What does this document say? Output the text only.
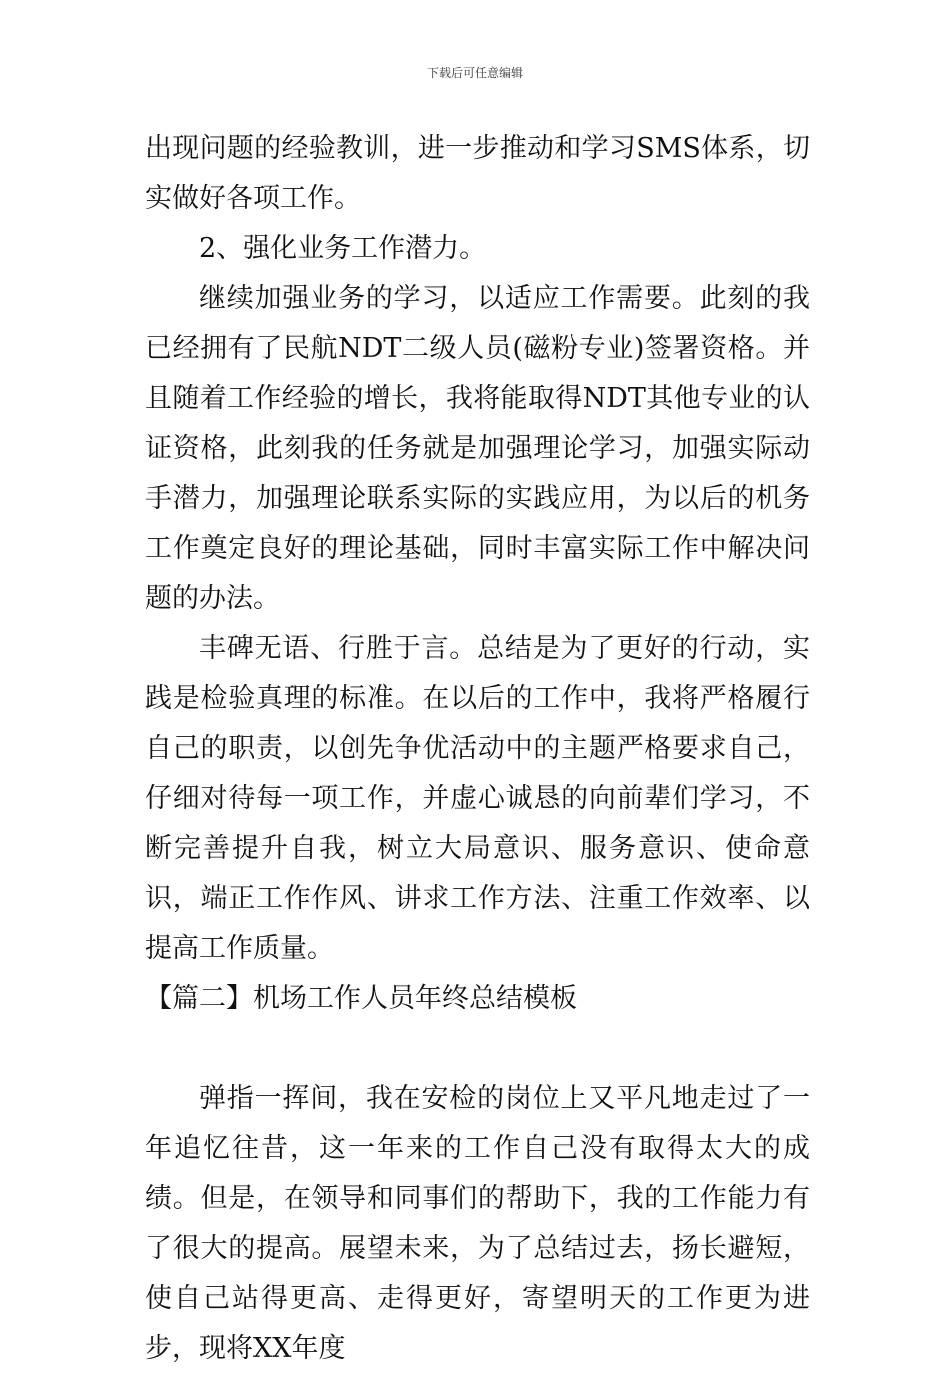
下载后可任意编辑

出现问题的经验教训，进一步推动和学习SMS体系，切实做好各项工作。

2、强化业务工作潜力。

继续加强业务的学习，以适应工作需要。此刻的我已经拥有了民航NDT二级人员(磁粉专业)签署资格。并且随着工作经验的增长，我将能取得NDT其他专业的认证资格，此刻我的任务就是加强理论学习，加强实际动手潜力，加强理论联系实际的实践应用，为以后的机务工作奠定良好的理论基础，同时丰富实际工作中解决问题的办法。

丰碑无语、行胜于言。总结是为了更好的行动，实践是检验真理的标准。在以后的工作中，我将严格履行自己的职责，以创先争优活动中的主题严格要求自己，仔细对待每一项工作，并虚心诚恳的向前辈们学习，不断完善提升自我，树立大局意识、服务意识、使命意识，端正工作作风、讲求工作方法、注重工作效率、以提高工作质量。

【篇二】机场工作人员年终总结模板

弹指一挥间，我在安检的岗位上又平凡地走过了一年追忆往昔，这一年来的工作自己没有取得太大的成绩。但是，在领导和同事们的帮助下，我的工作能力有了很大的提高。展望未来，为了总结过去，扬长避短，使自己站得更高、走得更好，寄望明天的工作更为进步，现将XX年度
